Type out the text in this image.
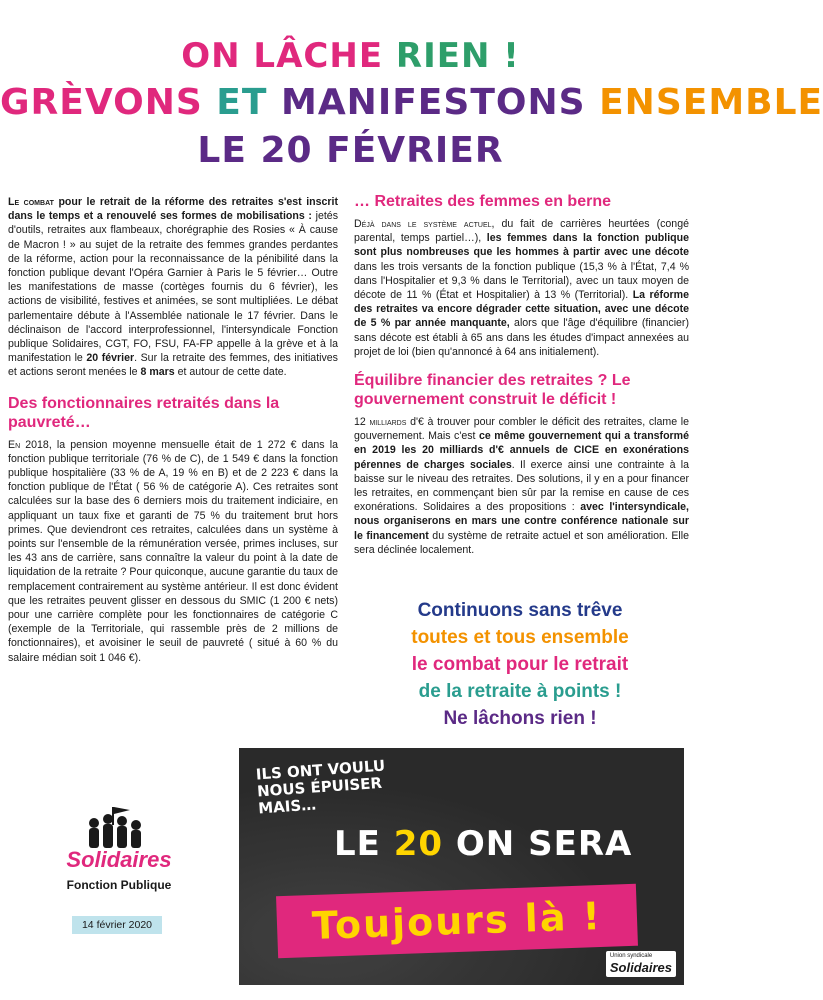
ON LÂCHE RIEN !
GRÈVONS ET MANIFESTONS ENSEMBLE
LE 20 FÉVRIER

Le combat pour le retrait de la réforme des retraites s'est inscrit dans le temps et a renouvelé ses formes de mobilisations : jetés d'outils, retraites aux flambeaux, chorégraphie des Rosies « À cause de Macron ! » au sujet de la retraite des femmes grandes perdantes de la réforme, action pour la reconnaissance de la pénibilité dans la fonction publique devant l'Opéra Garnier à Paris le 5 février… Outre les manifestations de masse (cortèges fournis du 6 février), les actions de visibilité, festives et animées, se sont multipliées. Le débat parlementaire débute à l'Assemblée nationale le 17 février. Dans le déclinaison de l'accord interprofessionnel, l'intersyndicale Fonction publique Solidaires, CGT, FO, FSU, FA-FP appelle à la grève et à la manifestation le 20 février. Sur la retraite des femmes, des initiatives et actions seront menées le 8 mars et autour de cette date.

Des fonctionnaires retraités dans la pauvreté…

En 2018, la pension moyenne mensuelle était de 1 272 € dans la fonction publique territoriale (76 % de C), de 1 549 € dans la fonction publique hospitalière (33 % de A, 19 % en B) et de 2 223 € dans la fonction publique de l'État ( 56 % de catégorie A). Ces retraites sont calculées sur la base des 6 derniers mois du traitement indiciaire, en appliquant un taux fixe et garanti de 75 % du traitement brut hors primes. Que deviendront ces retraites, calculées dans un système à points sur l'ensemble de la rémunération versée, primes incluses, sur les 43 ans de carrière, sans connaître la valeur du point à la date de liquidation de la retraite ? Pour quiconque, aucune garantie du taux de remplacement contrairement au système antérieur. Il est donc évident que les retraites peuvent glisser en dessous du SMIC (1 200 € nets) pour une carrière complète pour les fonctionnaires de catégorie C (exemple de la Territoriale, qui rassemble près de 2 millions de fonctionnaires), et avoisiner le seuil de pauvreté ( situé à 60 % du salaire médian soit 1 046 €).

… Retraites des femmes en berne

Déjà dans le système actuel, du fait de carrières heurtées (congé parental, temps partiel…), les femmes dans la fonction publique sont plus nombreuses que les hommes à partir avec une décote dans les trois versants de la fonction publique (15,3 % à l'État, 7,4 % dans l'Hospitalier et 9,3 % dans le Territorial), avec un taux moyen de décote de 11 % (État et Hospitalier) à 13 % (Territorial). La réforme des retraites va encore dégrader cette situation, avec une décote de 5 % par année manquante, alors que l'âge d'équilibre (financier) sans décote est établi à 65 ans dans les études d'impact annexées au projet de loi (bien qu'annoncé à 64 ans initialement).

Équilibre financier des retraites ? Le gouvernement construit le déficit !

12 milliards d'€ à trouver pour combler le déficit des retraites, clame le gouvernement. Mais c'est ce même gouvernement qui a transformé en 2019 les 20 milliards d'€ annuels de CICE en exonérations pérennes de charges sociales. Il exerce ainsi une contrainte à la baisse sur le niveau des retraites. Des solutions, il y en a pour financer les retraites, en commençant bien sûr par la remise en cause de ces exonérations. Solidaires a des propositions : avec l'intersyndicale, nous organiserons en mars une contre conférence nationale sur le financement du système de retraite actuel et son amélioration. Elle sera déclinée localement.

Continuons sans trêve
toutes et tous ensemble
le combat pour le retrait
de la retraite à points !
Ne lâchons rien !
ILS ONT VOULU NOUS ÉPUISER MAIS…
LE 20 ON SERA
Toujours là !
Union syndicale
Solidaires
Solidaires
Fonction Publique
14 février 2020
